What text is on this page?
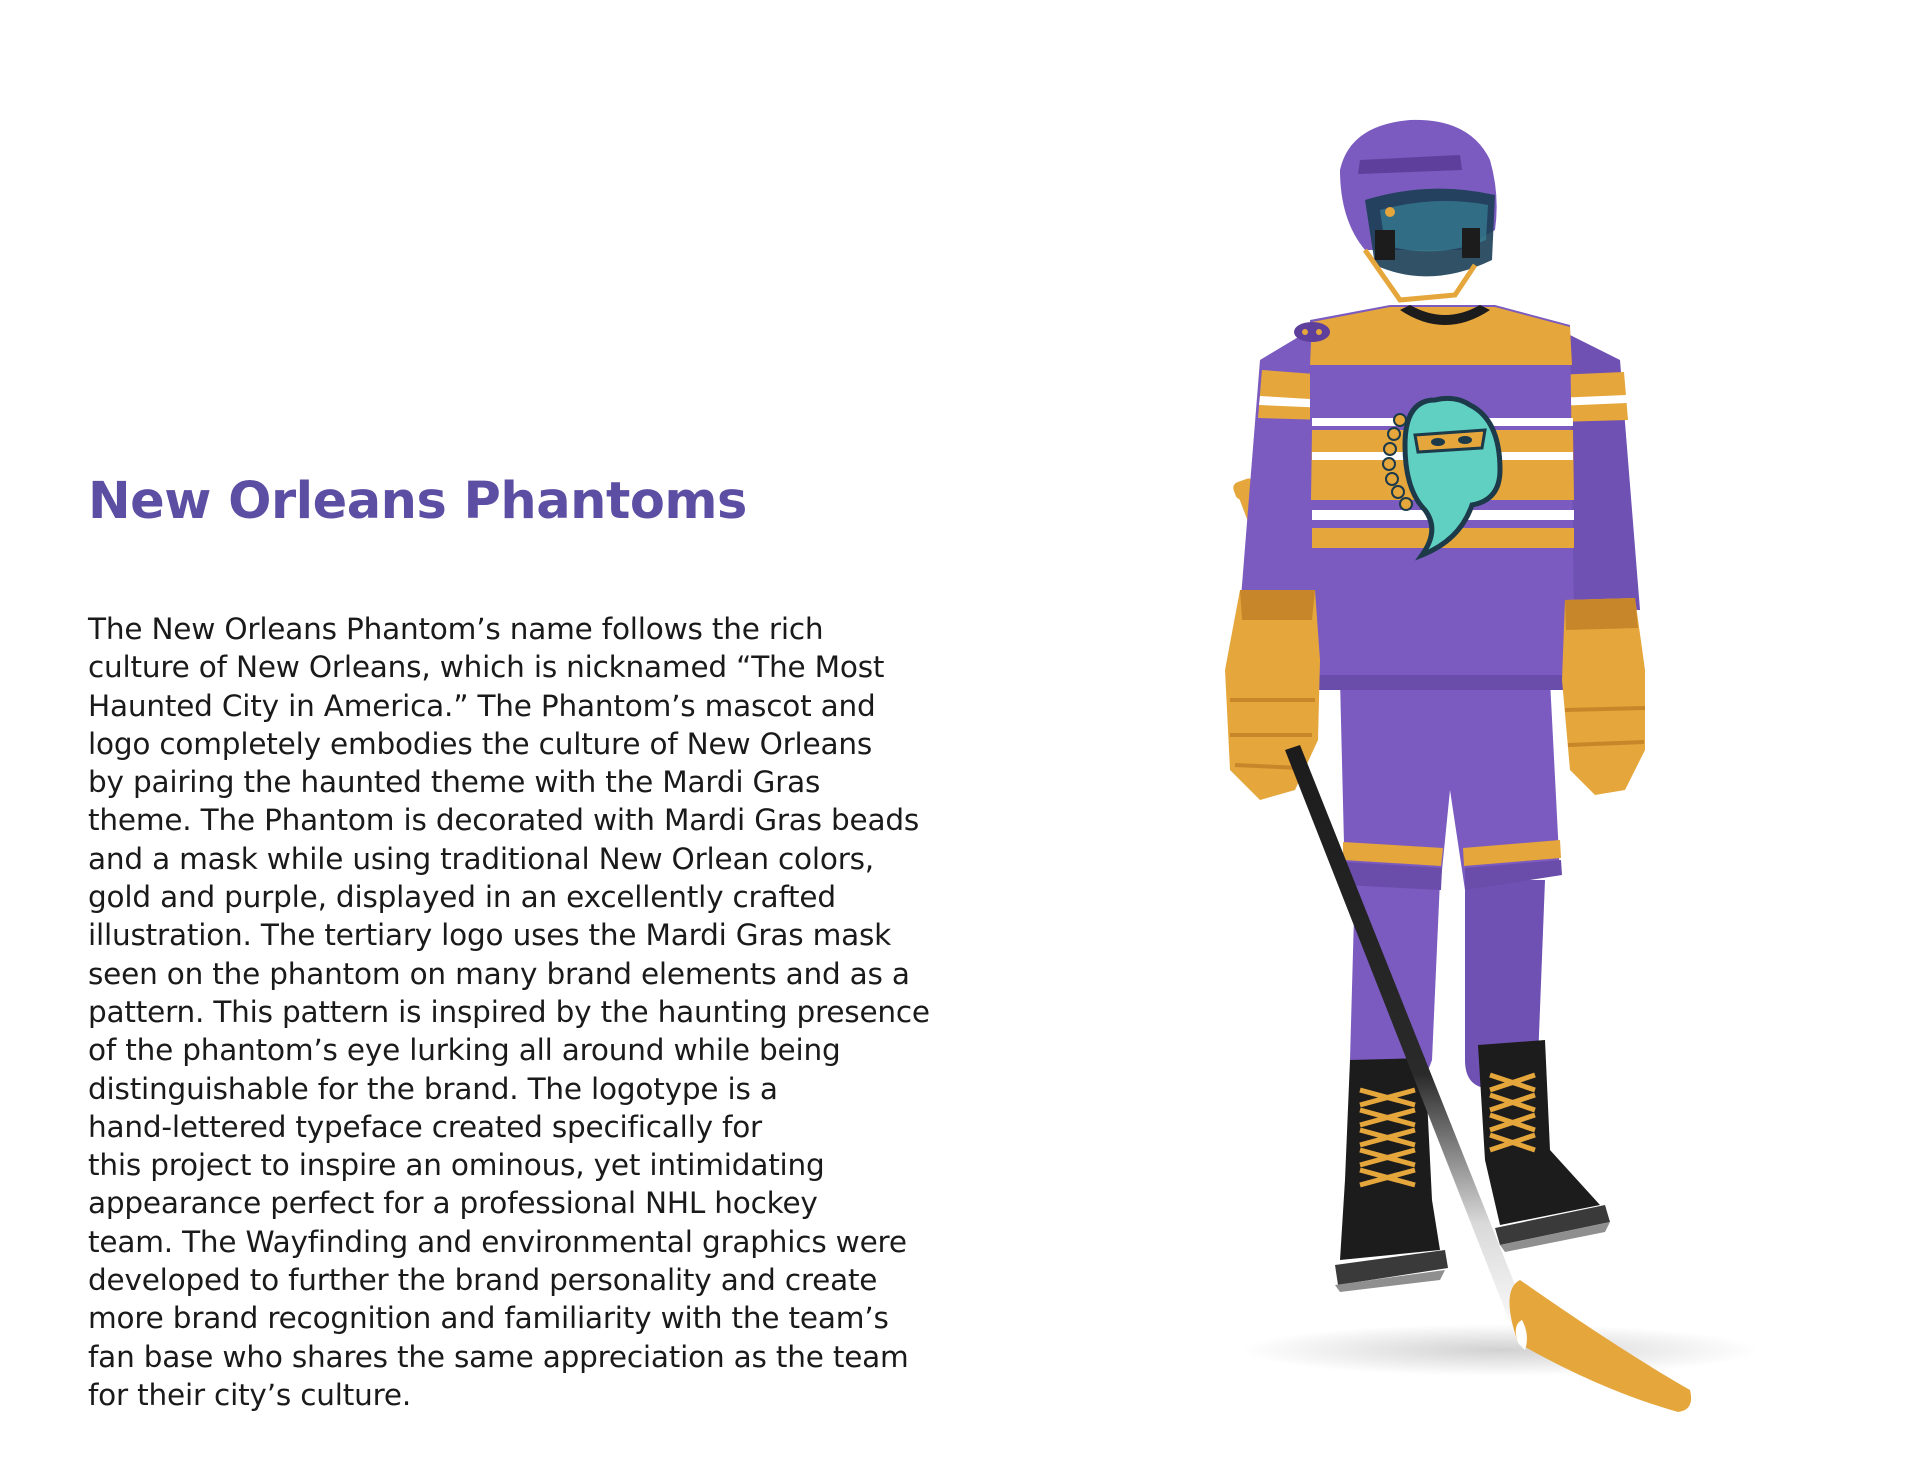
New Orleans Phantoms
The New Orleans Phantom’s name follows the rich
culture of New Orleans, which is nicknamed “The Most
Haunted City in America.” The Phantom’s mascot and
logo completely embodies the culture of New Orleans
by pairing the haunted theme with the Mardi Gras
theme. The Phantom is decorated with Mardi Gras beads
and a mask while using traditional New Orlean colors,
gold and purple, displayed in an excellently crafted
illustration. The tertiary logo uses the Mardi Gras mask
seen on the phantom on many brand elements and as a
pattern. This pattern is inspired by the haunting presence
of the phantom’s eye lurking all around while being
distinguishable for the brand. The logotype is a
hand-lettered typeface created specifically for
this project to inspire an ominous, yet intimidating
appearance perfect for a professional NHL hockey
team. The Wayfinding and environmental graphics were
developed to further the brand personality and create
more brand recognition and familiarity with the team’s
fan base who shares the same appreciation as the team
for their city’s culture.
